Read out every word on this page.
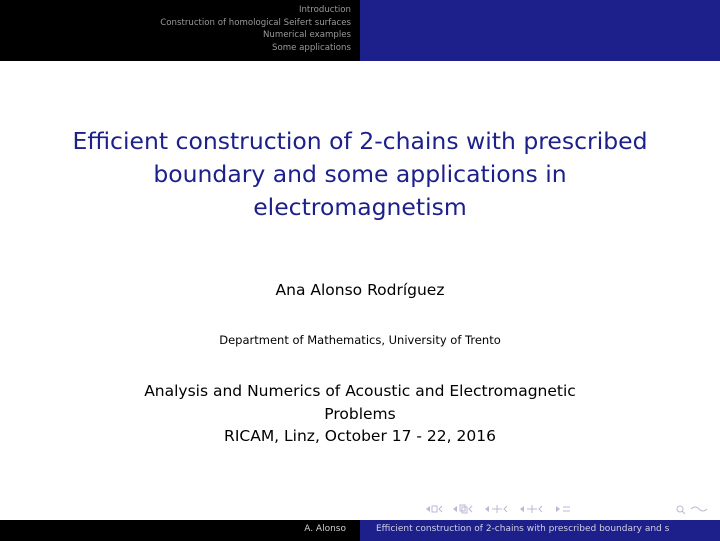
Introduction
Construction of homological Seifert surfaces
Numerical examples
Some applications
Efficient construction of 2-chains with prescribed
boundary and some applications in
electromagnetism
Ana Alonso Rodríguez
Department of Mathematics, University of Trento
Analysis and Numerics of Acoustic and Electromagnetic
Problems
RICAM, Linz, October 17 - 22, 2016
A. Alonso	Efficient construction of 2-chains with prescribed boundary and s
